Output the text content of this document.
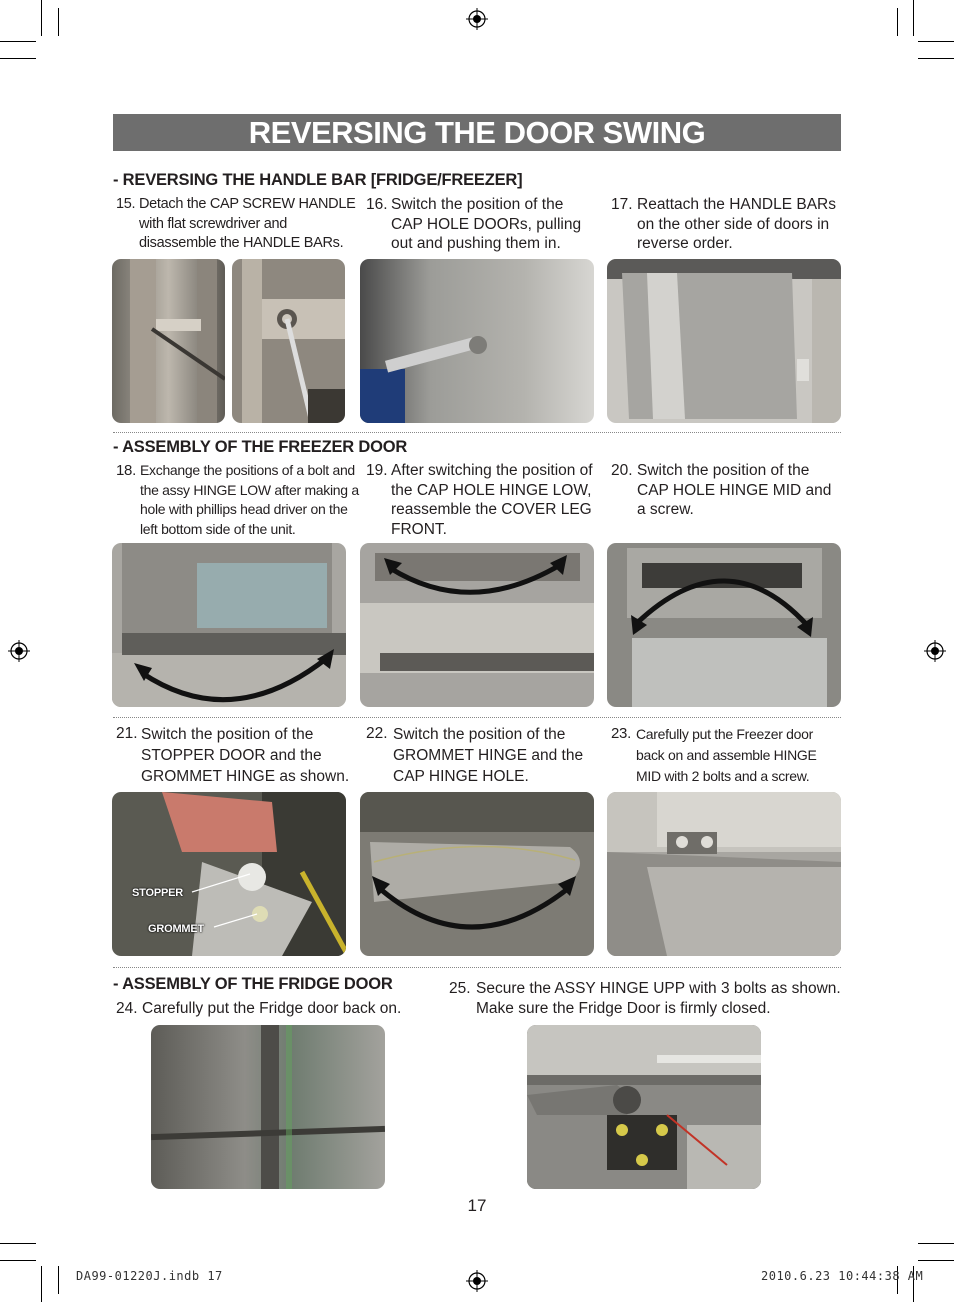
REVERSING THE DOOR SWING
- REVERSING THE HANDLE BAR [FRIDGE/FREEZER]
15. Detach the CAP SCREW HANDLE with flat screwdriver and disassemble the HANDLE BARs.
16. Switch the position of the CAP HOLE DOORs, pulling out and pushing them in.
17. Reattach the HANDLE BARs on the other side of doors in reverse order.
- ASSEMBLY OF THE FREEZER DOOR
18. Exchange the positions of a bolt and the assy HINGE LOW after making a hole with phillips head driver on the left bottom side of the unit.
19. After switching the position of the CAP HOLE HINGE LOW, reassemble the COVER LEG FRONT.
20. Switch the position of the CAP HOLE HINGE MID and a screw.
21. Switch the position of the STOPPER DOOR and the GROMMET HINGE as shown.
22. Switch the position of the GROMMET HINGE and the CAP HINGE HOLE.
23. Carefully put the Freezer door back on and assemble HINGE MID with 2 bolts and a screw.
STOPPER
GROMMET
- ASSEMBLY OF THE FRIDGE DOOR
24. Carefully put the Fridge door back on.
25. Secure the ASSY HINGE UPP with 3 bolts as shown. Make sure the Fridge Door is firmly closed.
17
DA99-01220J.indb 17	2010.6.23 10:44:38 AM
